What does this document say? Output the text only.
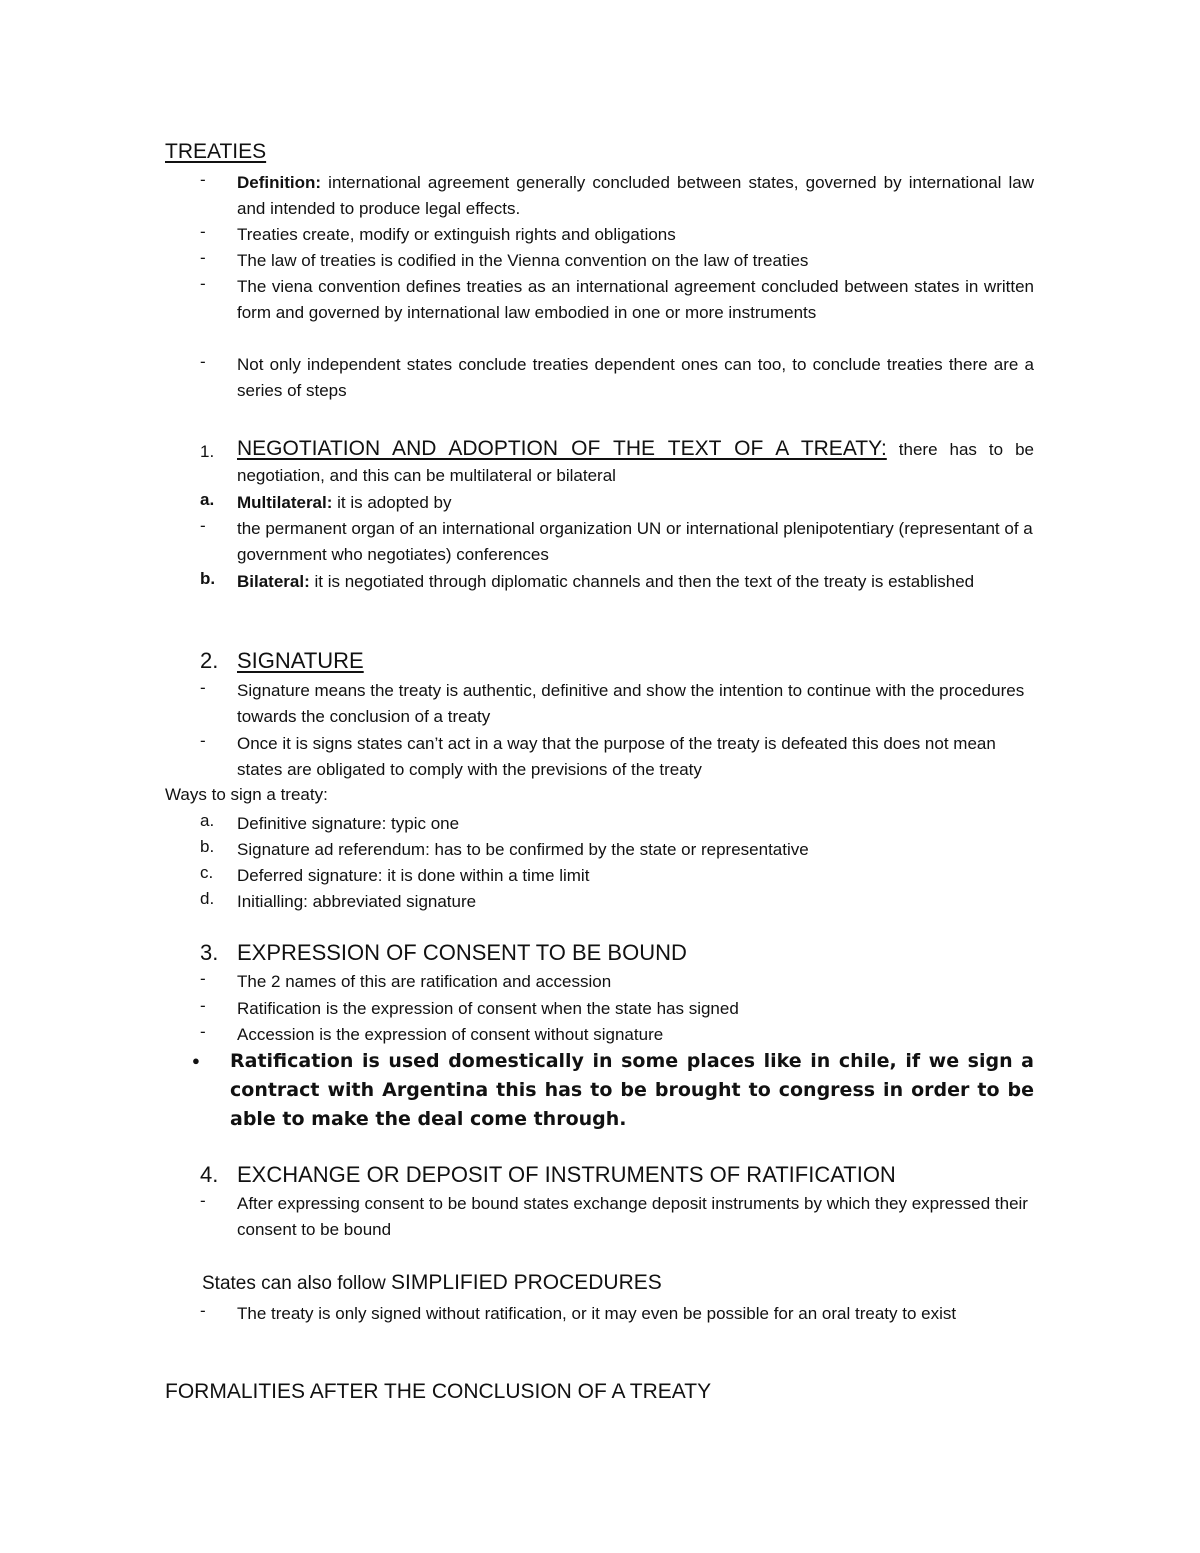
TREATIES
- Definition: international agreement generally concluded between states, governed by international law and intended to produce legal effects.
- Treaties create, modify or extinguish rights and obligations
- The law of treaties is codified in the Vienna convention on the law of treaties
- The viena convention defines treaties as an international agreement concluded between states in written form and governed by international law embodied in one or more instruments
- Not only independent states conclude treaties dependent ones can too, to conclude treaties there are a series of steps
1. NEGOTIATION AND ADOPTION OF THE TEXT OF A TREATY: there has to be negotiation, and this can be multilateral or bilateral
a. Multilateral: it is adopted by
- the permanent organ of an international organization UN or international plenipotentiary (representant of a government who negotiates) conferences
b. Bilateral: it is negotiated through diplomatic channels and then the text of the treaty is established
2. SIGNATURE
- Signature means the treaty is authentic, definitive and show the intention to continue with the procedures towards the conclusion of a treaty
- Once it is signs states can’t act in a way that the purpose of the treaty is defeated this does not mean states are obligated to comply with the previsions of the treaty
Ways to sign a treaty:
a. Definitive signature: typic one
b. Signature ad referendum: has to be confirmed by the state or representative
c. Deferred signature: it is done within a time limit
d. Initialling: abbreviated signature
3. EXPRESSION OF CONSENT TO BE BOUND
- The 2 names of this are ratification and accession
- Ratification is the expression of consent when the state has signed
- Accession is the expression of consent without signature
● Ratification is used domestically in some places like in chile, if we sign a contract with Argentina this has to be brought to congress in order to be able to make the deal come through.
4. EXCHANGE OR DEPOSIT OF INSTRUMENTS OF RATIFICATION
- After expressing consent to be bound states exchange deposit instruments by which they expressed their consent to be bound
States can also follow SIMPLIFIED PROCEDURES
- The treaty is only signed without ratification, or it may even be possible for an oral treaty to exist
FORMALITIES AFTER THE CONCLUSION OF A TREATY
